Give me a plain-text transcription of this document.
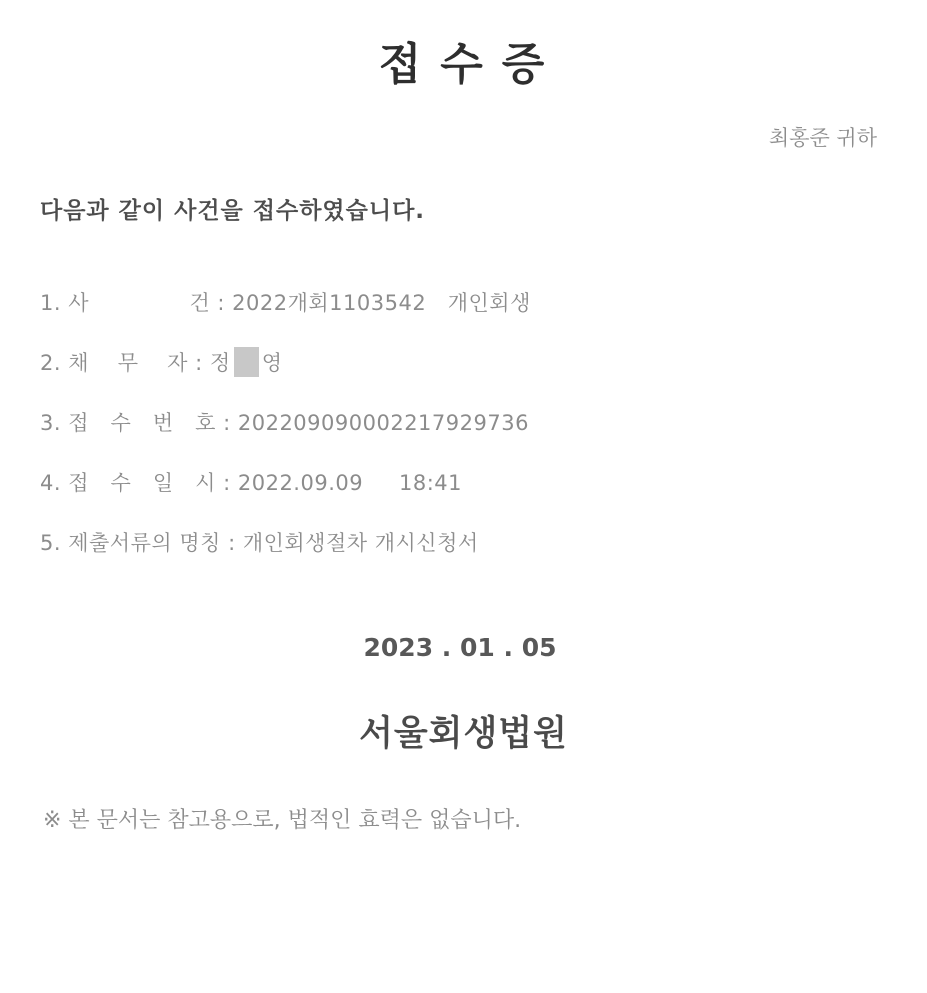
접 수 증
최홍준 귀하
다음과 같이 사건을 접수하였습니다.
1. 사              건 : 2022개회1103542   개인회생
2. 채    무    자 : 정 영
3. 접   수   번   호 : 202209090002217929736
4. 접   수   일   시 : 2022.09.09     18:41
5. 제출서류의 명칭 : 개인회생절차 개시신청서
2023 . 01 . 05
서울회생법원
※ 본 문서는 참고용으로, 법적인 효력은 없습니다.
